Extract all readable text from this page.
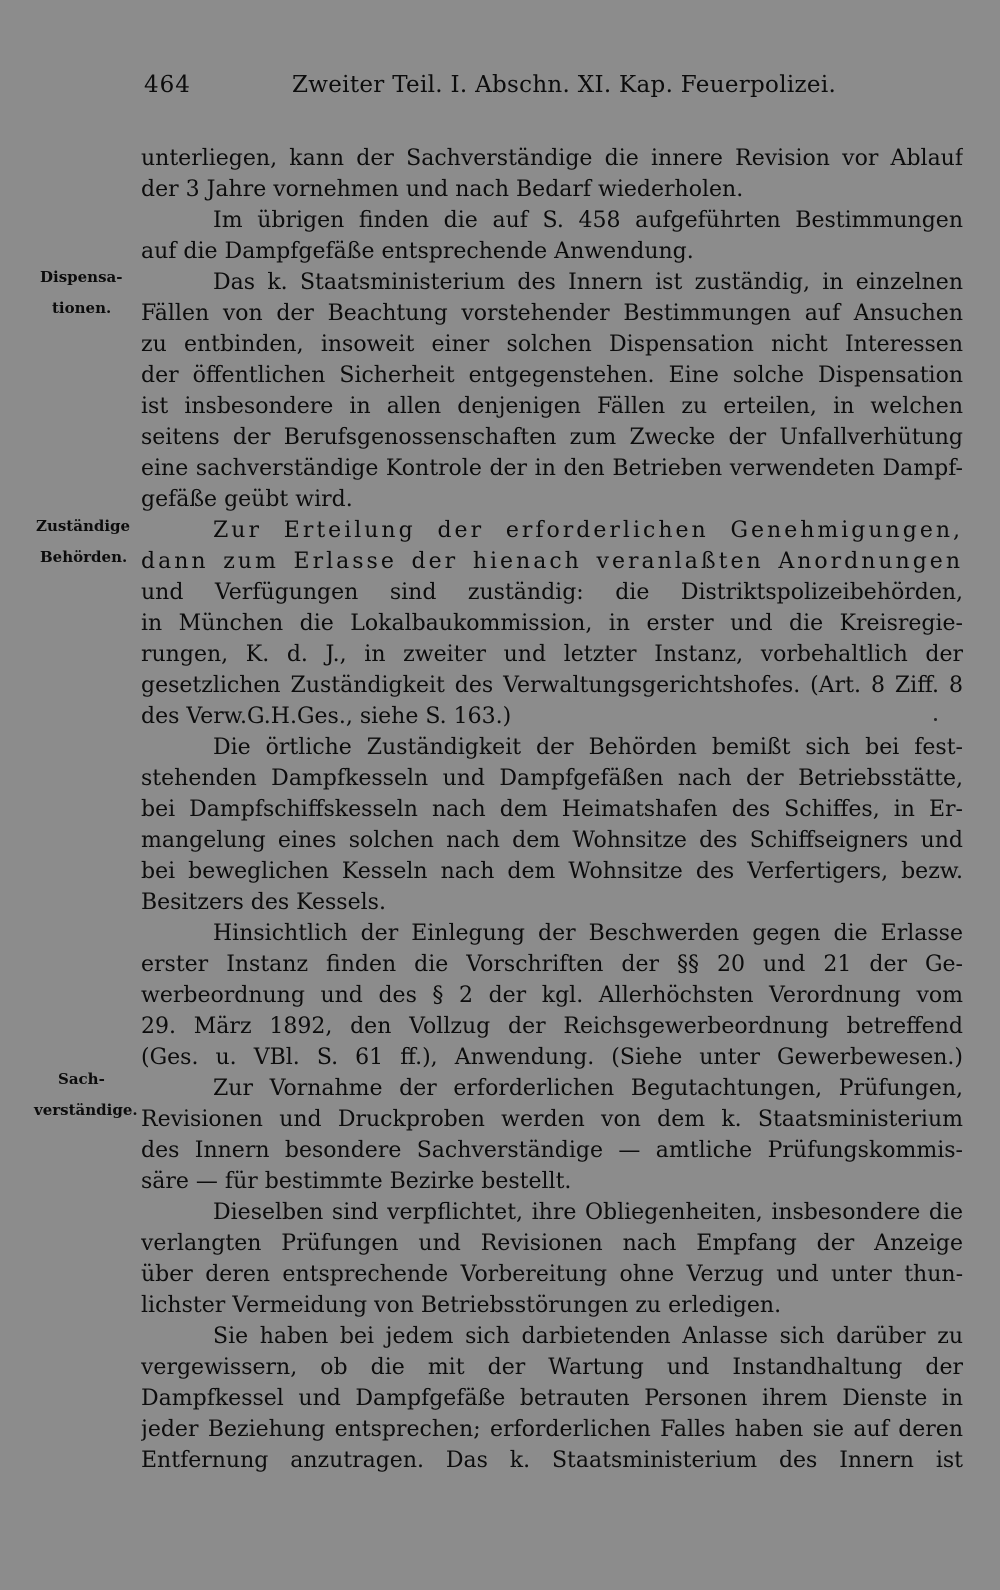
464	Zweiter Teil. I. Abschn. XI. Kap. Feuerpolizei.
Dispensa-
tionen.
Zuständige
Behörden.
Sach-
verständige.
unterliegen, kann der Sachverständige die innere Revision vor Ablauf
der 3 Jahre vornehmen und nach Bedarf wiederholen.
Im übrigen finden die auf S. 458 aufgeführten Bestimmungen
auf die Dampfgefäße entsprechende Anwendung.
Das k. Staatsministerium des Innern ist zuständig, in einzelnen
Fällen von der Beachtung vorstehender Bestimmungen auf Ansuchen
zu entbinden, insoweit einer solchen Dispensation nicht Interessen
der öffentlichen Sicherheit entgegenstehen. Eine solche Dispensation
ist insbesondere in allen denjenigen Fällen zu erteilen, in welchen
seitens der Berufsgenossenschaften zum Zwecke der Unfallverhütung
eine sachverständige Kontrole der in den Betrieben verwendeten Dampf-
gefäße geübt wird.
Zur Erteilung der erforderlichen Genehmigungen,
dann zum Erlasse der hienach veranlaßten Anordnungen
und Verfügungen sind zuständig: die Distriktspolizeibehörden,
in München die Lokalbaukommission, in erster und die Kreisregie-
rungen, K. d. J., in zweiter und letzter Instanz, vorbehaltlich der
gesetzlichen Zuständigkeit des Verwaltungsgerichtshofes. (Art. 8 Ziff. 8
des Verw.G.H.Ges., siehe S. 163.)
Die örtliche Zuständigkeit der Behörden bemißt sich bei fest-
stehenden Dampfkesseln und Dampfgefäßen nach der Betriebsstätte,
bei Dampfschiffskesseln nach dem Heimatshafen des Schiffes, in Er-
mangelung eines solchen nach dem Wohnsitze des Schiffseigners und
bei beweglichen Kesseln nach dem Wohnsitze des Verfertigers, bezw.
Besitzers des Kessels.
Hinsichtlich der Einlegung der Beschwerden gegen die Erlasse
erster Instanz finden die Vorschriften der §§ 20 und 21 der Ge-
werbeordnung und des § 2 der kgl. Allerhöchsten Verordnung vom
29. März 1892, den Vollzug der Reichsgewerbeordnung betreffend
(Ges. u. VBl. S. 61 ff.), Anwendung. (Siehe unter Gewerbewesen.)
Zur Vornahme der erforderlichen Begutachtungen, Prüfungen,
Revisionen und Druckproben werden von dem k. Staatsministerium
des Innern besondere Sachverständige — amtliche Prüfungskommis-
säre — für bestimmte Bezirke bestellt.
Dieselben sind verpflichtet, ihre Obliegenheiten, insbesondere die
verlangten Prüfungen und Revisionen nach Empfang der Anzeige
über deren entsprechende Vorbereitung ohne Verzug und unter thun-
lichster Vermeidung von Betriebsstörungen zu erledigen.
Sie haben bei jedem sich darbietenden Anlasse sich darüber zu
vergewissern, ob die mit der Wartung und Instandhaltung der
Dampfkessel und Dampfgefäße betrauten Personen ihrem Dienste in
jeder Beziehung entsprechen; erforderlichen Falles haben sie auf deren
Entfernung anzutragen. Das k. Staatsministerium des Innern ist
